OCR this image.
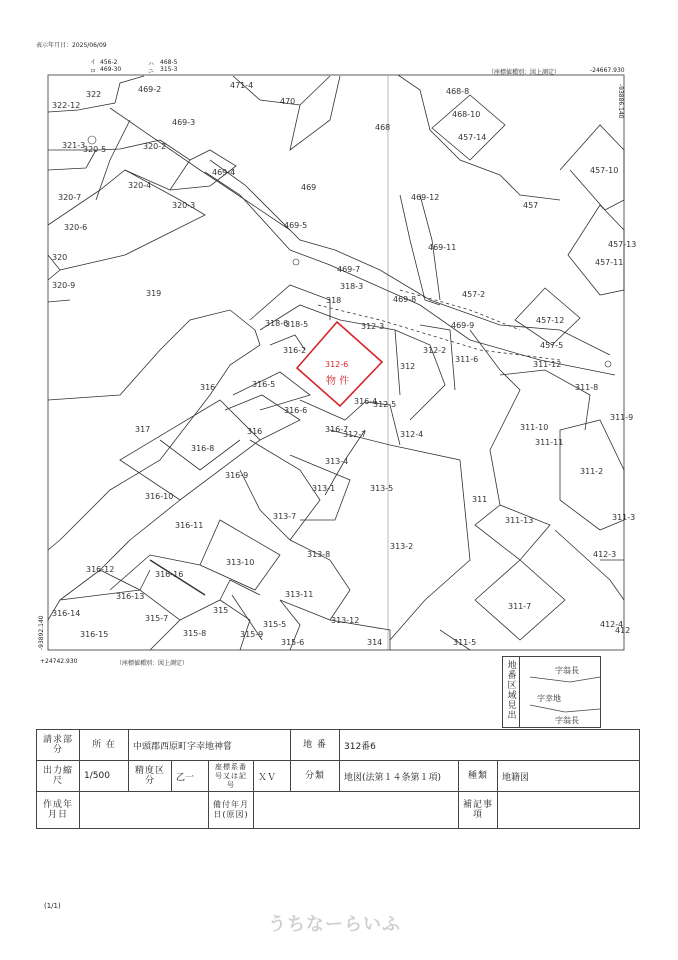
表示年月日：2025/06/09
イ
ロ
ハ
ニ
456-2
469-30
468-5
315-3	（座標値種別：図上測定）	-24667.930
-93886.140
312-6
物 件
471-4
470
468
468-8
468-10
457-14
457-10
457
457-13
457-11
469-2
469-3
469-4
469
469-5
469-7
469-8
469-9
469-12
469-11
457-2
457-12
457-5
322-12
322
320-5
321-3	320-2
320-4
320-7
320-3
320-6
320
320-9
319
318
318-3
318-6
318-5
316-2
312-3
312-2
311-6
312	311-12
311-8
311-10
311-9
311-11
311-2
316-5
316
316-4
312-5
316-6
316-7
312-7	312-4
317
316
316-8
316-9
313-4
313-1	313-5
311
316-10
316-11
313-7	311-13	311-3
313-8
313-2
412-3
316-12
316-16
313-10
313-11
311-7
316-13
315
315-7
315-8
315-5	313-12	412-4
412
316-14
316-15
315-6	314	311-5
315-9
+24742.930	（座標値種別：図上測定）
-93892.140
地番区域見出
字翁長
字幸地
字翁長
請求部分	所 在	中頭郡西原町字幸地神嘗				地 番	312番6		
出力縮尺	1/500	精度区分	乙一	座標系番号又は記号	ＸＶ	分類	地図(法第１４条第１項)	種類	地籍図
作成年月日				備付年月日(原図)				補記事項	
(1/1)
うちなーらいふ
